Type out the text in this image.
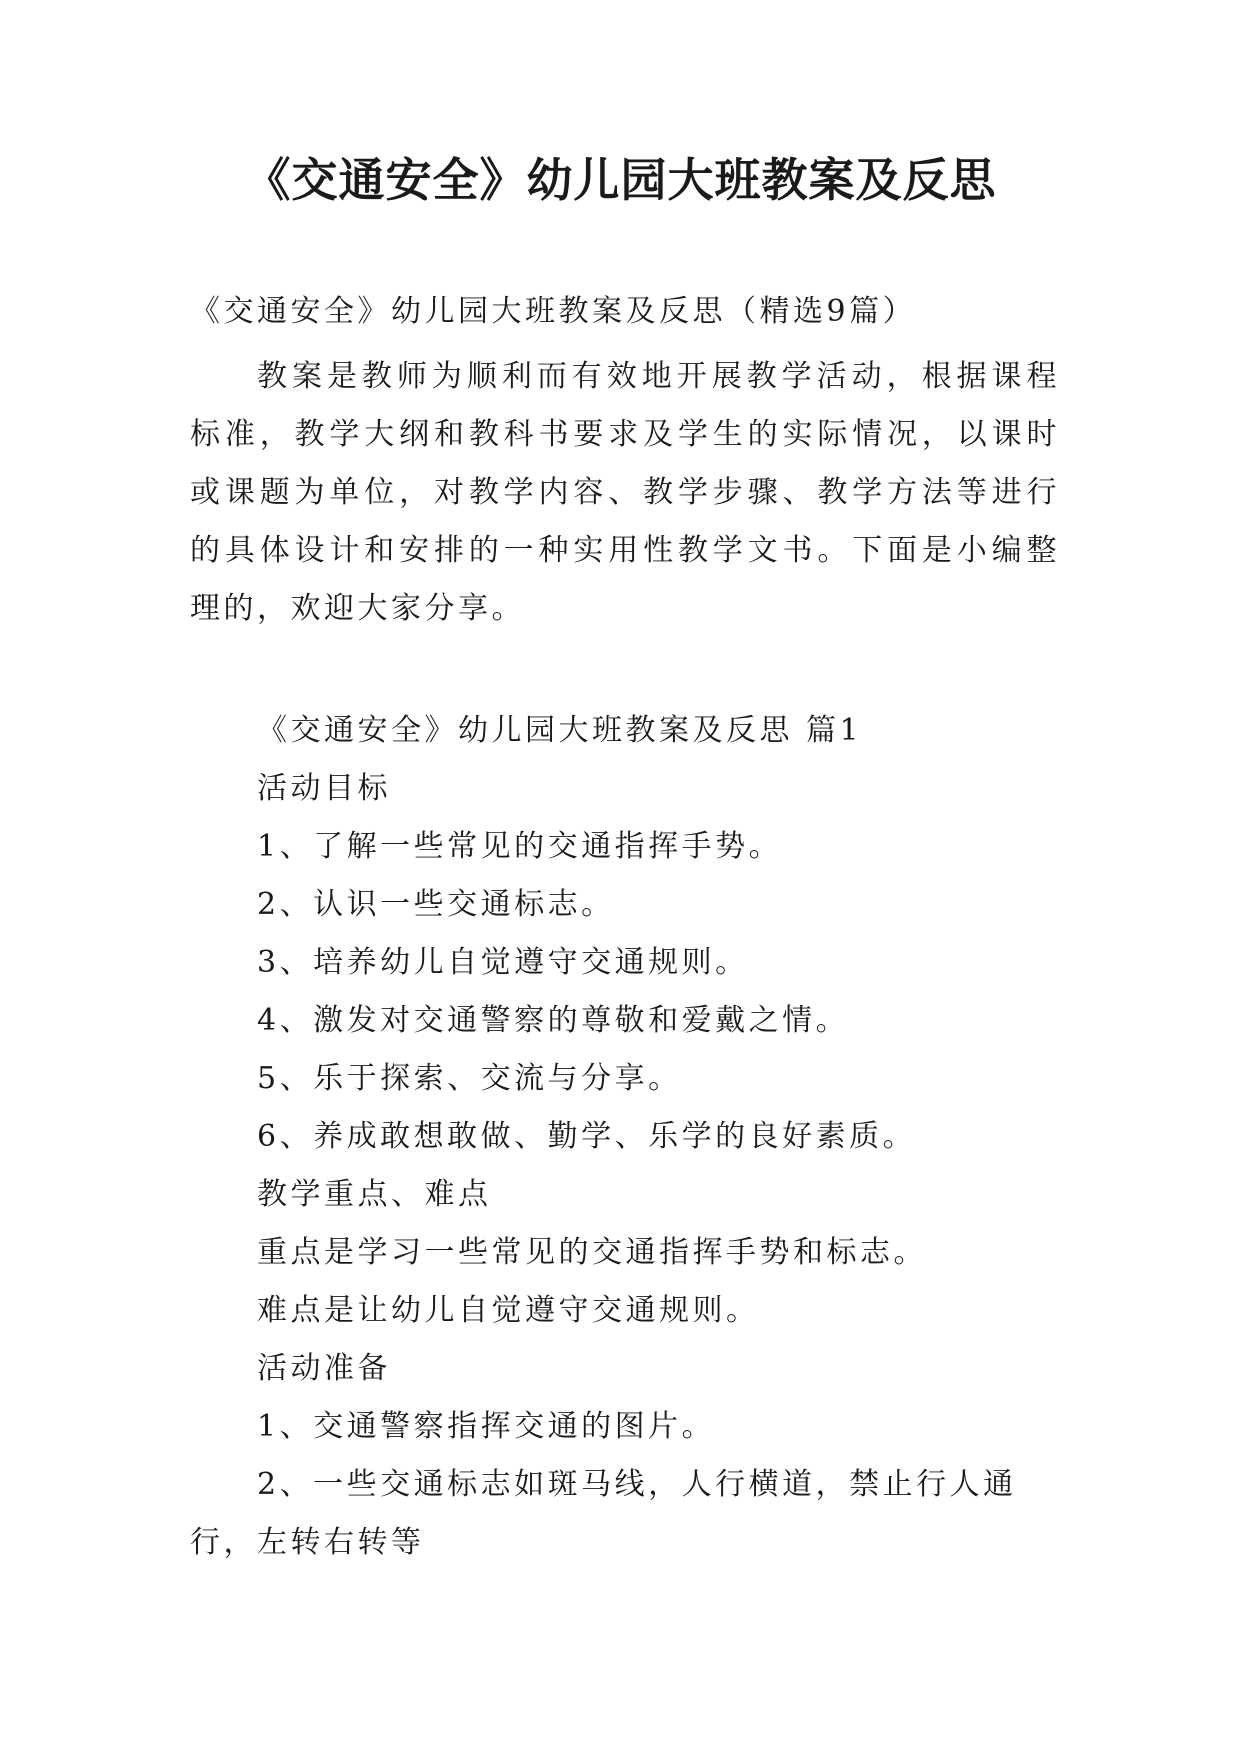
《交通安全》幼儿园大班教案及反思

《交通安全》幼儿园大班教案及反思（精选9篇）

教案是教师为顺利而有效地开展教学活动，根据课程标准，教学大纲和教科书要求及学生的实际情况，以课时或课题为单位，对教学内容、教学步骤、教学方法等进行的具体设计和安排的一种实用性教学文书。下面是小编整理的，欢迎大家分享。

《交通安全》幼儿园大班教案及反思 篇1

活动目标

1、了解一些常见的交通指挥手势。

2、认识一些交通标志。

3、培养幼儿自觉遵守交通规则。

4、激发对交通警察的尊敬和爱戴之情。

5、乐于探索、交流与分享。

6、养成敢想敢做、勤学、乐学的良好素质。

教学重点、难点

重点是学习一些常见的交通指挥手势和标志。

难点是让幼儿自觉遵守交通规则。

活动准备

1、交通警察指挥交通的图片。

2、一些交通标志如斑马线，人行横道，禁止行人通行，左转右转等
